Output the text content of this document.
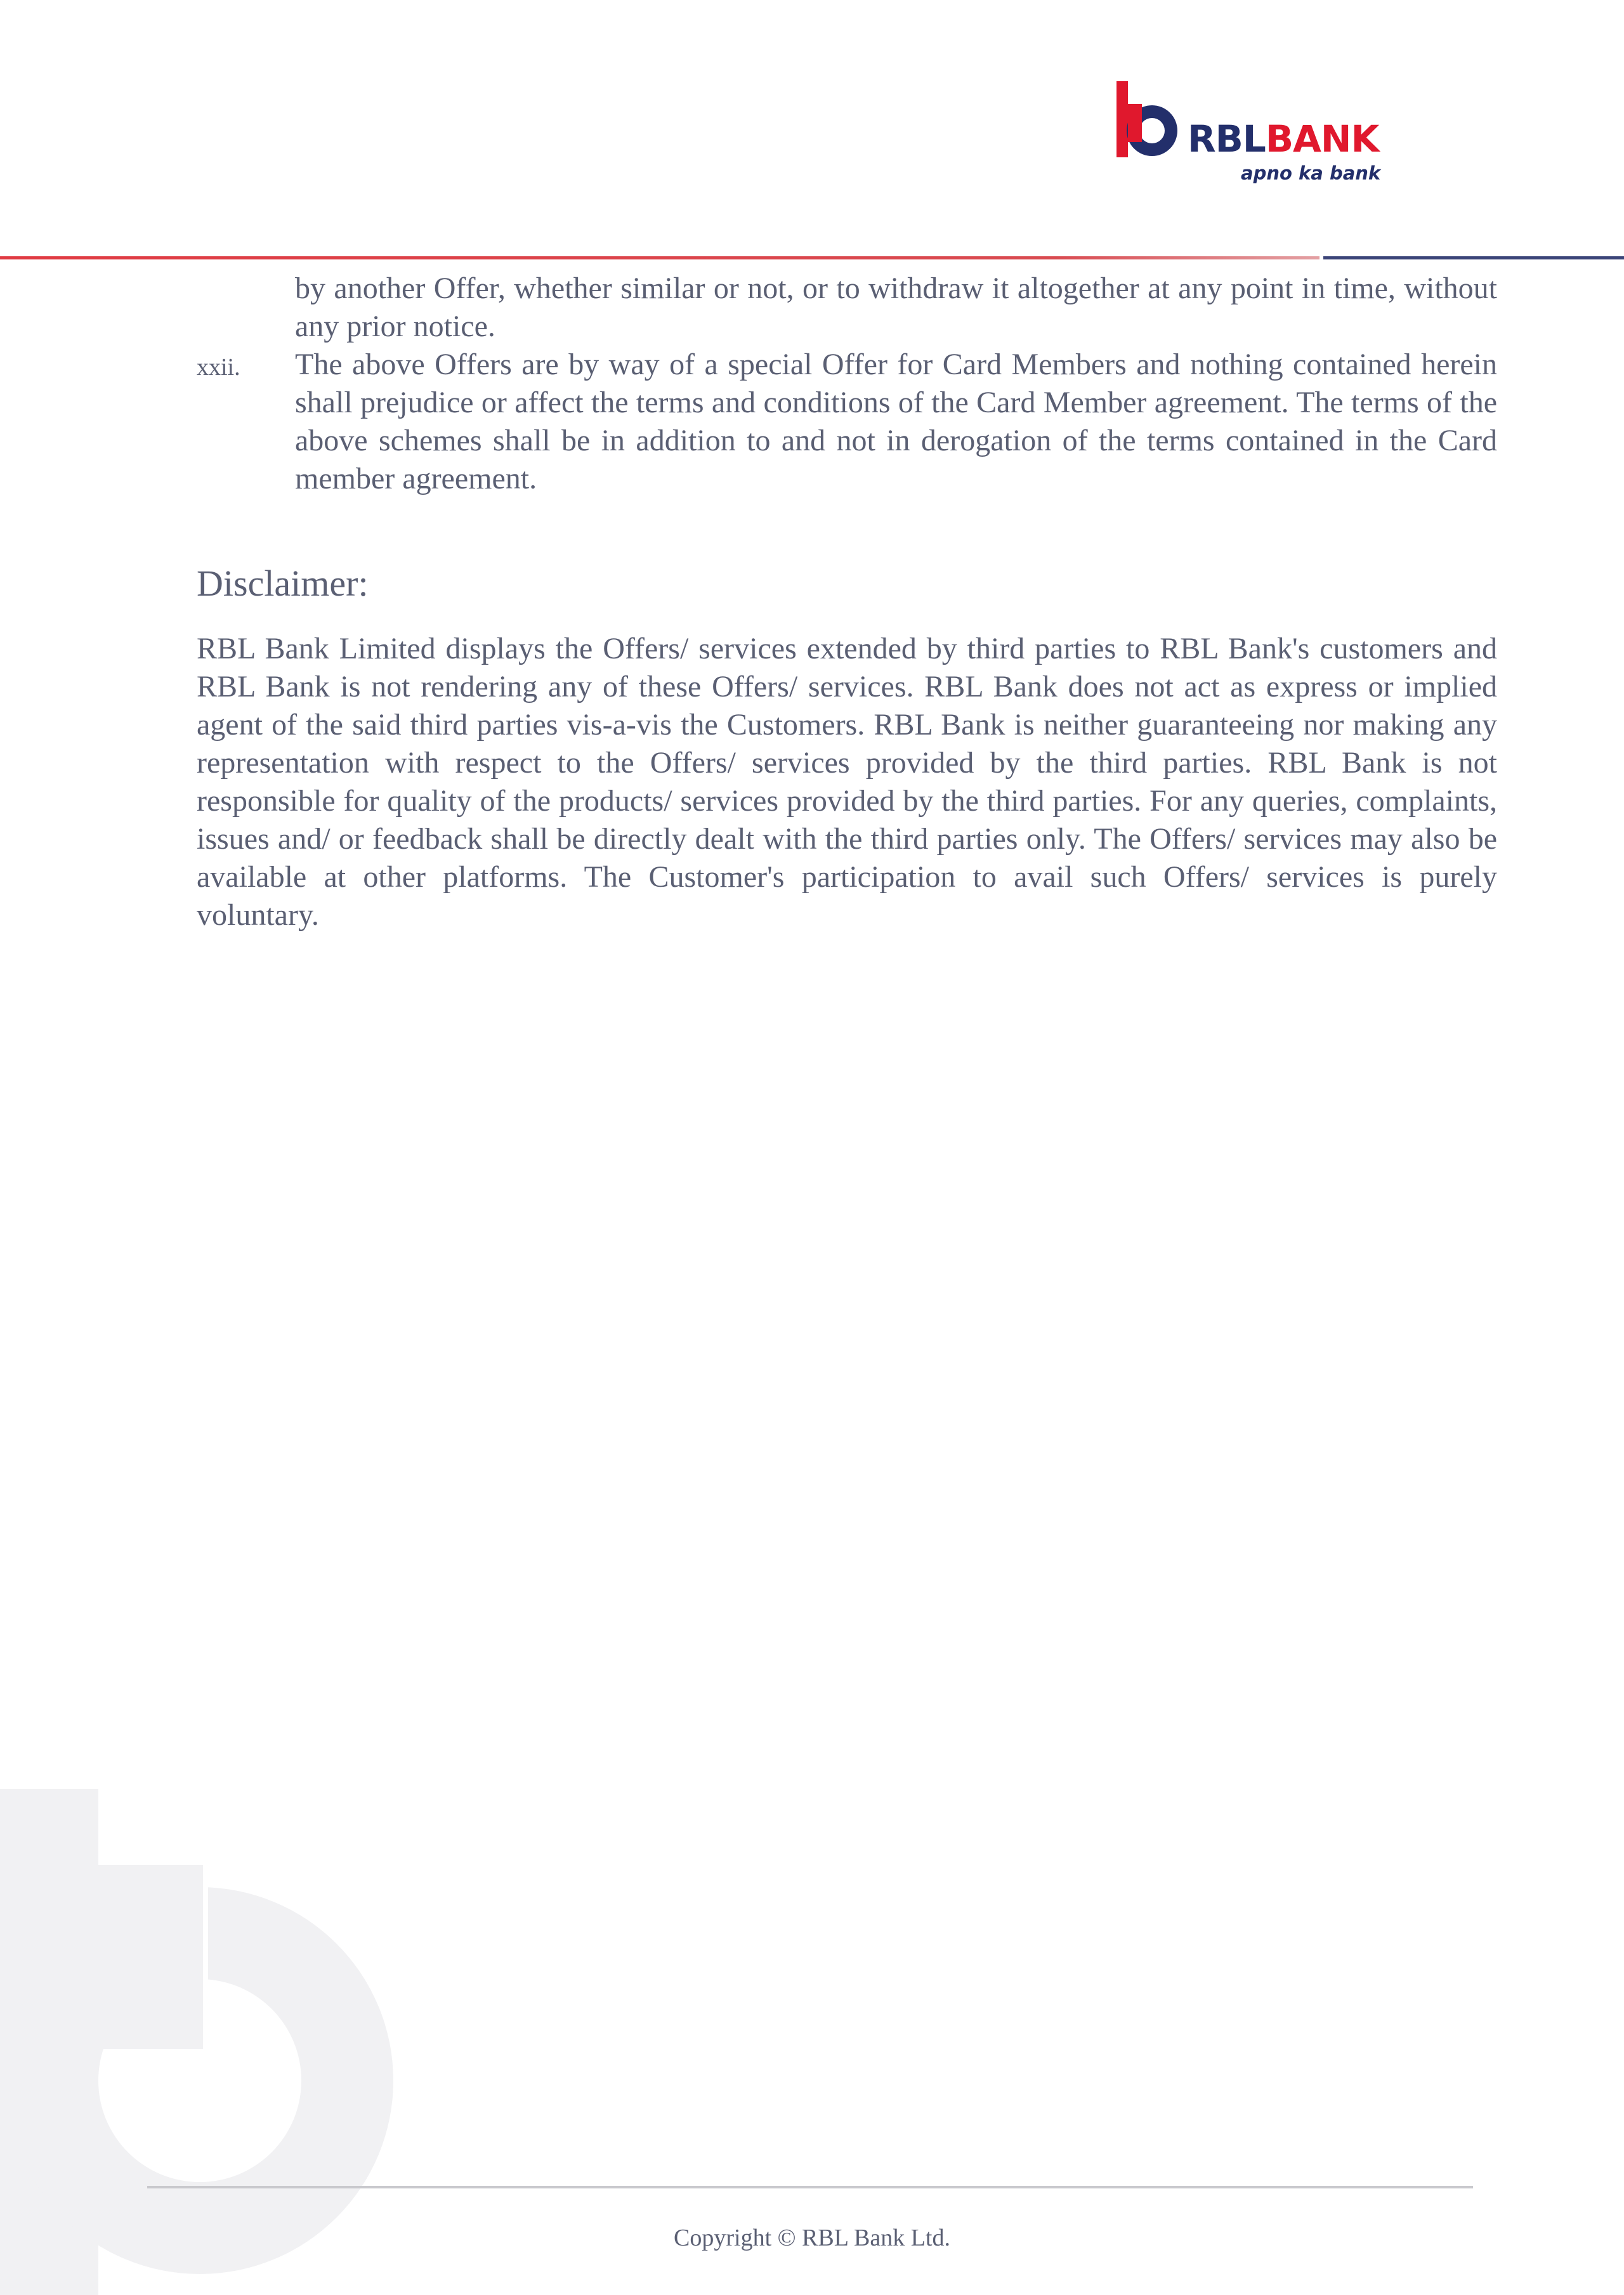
RBLBANK
apno ka bank
by another Offer, whether similar or not, or to withdraw it altogether at any point in time, without any prior notice.
xxii. The above Offers are by way of a special Offer for Card Members and nothing contained herein shall prejudice or affect the terms and conditions of the Card Member agreement. The terms of the above schemes shall be in addition to and not in derogation of the terms contained in the Card member agreement.
Disclaimer:
RBL Bank Limited displays the Offers/ services extended by third parties to RBL Bank's customers and RBL Bank is not rendering any of these Offers/ services. RBL Bank does not act as express or implied agent of the said third parties vis-a-vis the Customers. RBL Bank is neither guaranteeing nor making any representation with respect to the Offers/ services provided by the third parties. RBL Bank is not responsible for quality of the products/ services provided by the third parties. For any queries, complaints, issues and/ or feedback shall be directly dealt with the third parties only. The Offers/ services may also be available at other platforms. The Customer's participation to avail such Offers/ services is purely voluntary.
Copyright © RBL Bank Ltd.
